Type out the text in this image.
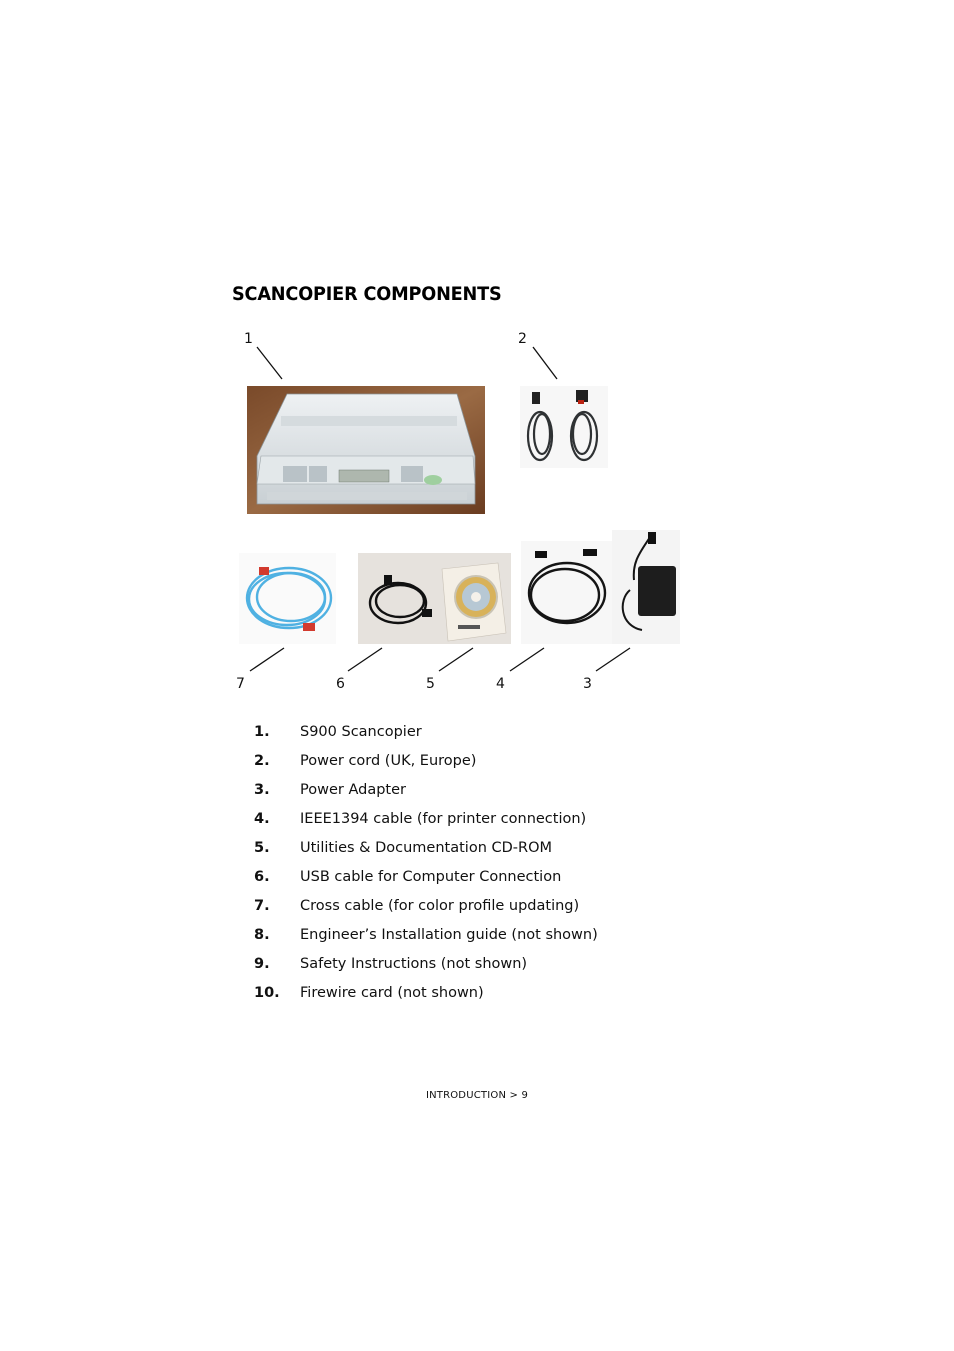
SCANCOPIER COMPONENTS
1	2
3
4
5
6
7
1.	S900 Scancopier
2.	Power cord (UK, Europe)
3.	Power Adapter
4.	IEEE1394 cable (for printer connection)
5.	Utilities & Documentation CD-ROM
6.	USB cable for Computer Connection
7.	Cross cable (for color profile updating)
8.	Engineer’s Installation guide (not shown)
9.	Safety Instructions (not shown)
10.	Firewire card (not shown)
INTRODUCTION > 9
